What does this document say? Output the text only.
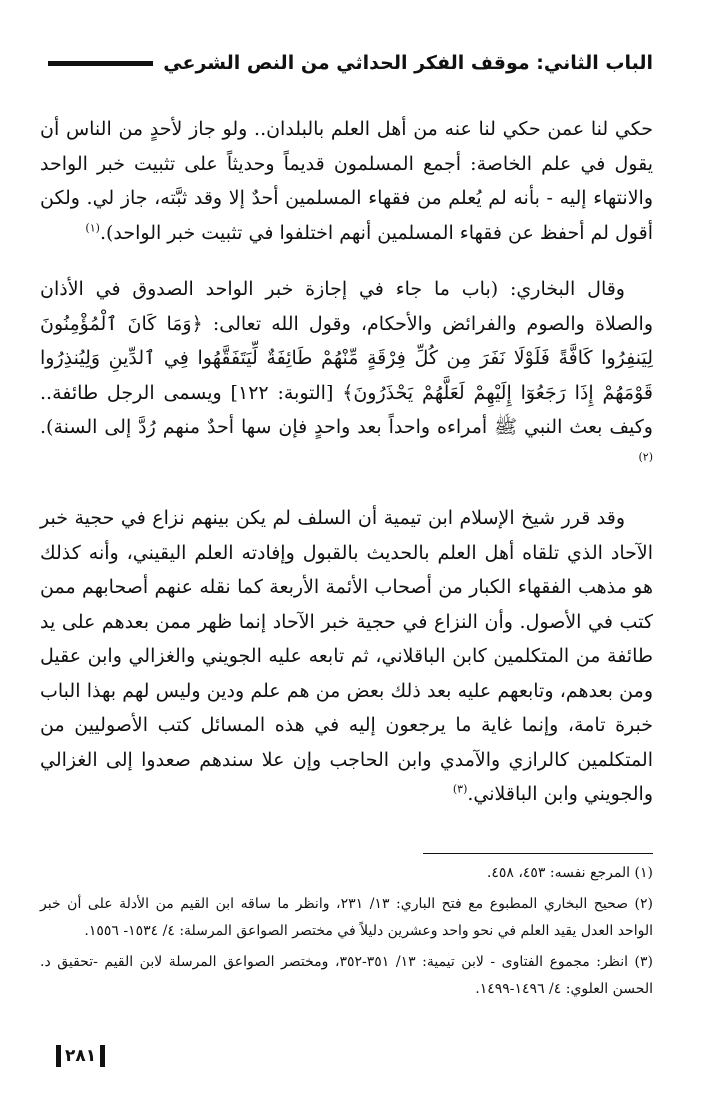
الباب الثاني: موقف الفكر الحداثي من النص الشرعي

حكي لنا عمن حكي لنا عنه من أهل العلم بالبلدان.. ولو جاز لأحدٍ من الناس أن يقول في علم الخاصة: أجمع المسلمون قديماً وحديثاً على تثبيت خبر الواحد والانتهاء إليه - بأنه لم يُعلم من فقهاء المسلمين أحدٌ إلا وقد ثبَّته، جاز لي. ولكن أقول لم أحفظ عن فقهاء المسلمين أنهم اختلفوا في تثبيت خبر الواحد).$^{(١)}$

وقال البخاري: (باب ما جاء في إجازة خبر الواحد الصدوق في الأذان والصلاة والصوم والفرائض والأحكام، وقول الله تعالى: ﴿وَمَا كَانَ ٱلْمُؤْمِنُونَ لِيَنفِرُوا كَافَّةً فَلَوْلَا نَفَرَ مِن كُلِّ فِرْقَةٍ مِّنْهُمْ طَائِفَةٌ لِّيَتَفَقَّهُوا فِي ٱلدِّينِ وَلِيُنذِرُوا قَوْمَهُمْ إِذَا رَجَعُوٓا إِلَيْهِمْ لَعَلَّهُمْ يَحْذَرُونَ﴾ [التوبة: ١٢٢] ويسمى الرجل طائفة.. وكيف بعث النبي ﷺ أمراءه واحداً بعد واحدٍ فإن سها أحدٌ منهم رُدَّ إلى السنة).$^{(٢)}$

وقد قرر شيخ الإسلام ابن تيمية أن السلف لم يكن بينهم نزاع في حجية خبر الآحاد الذي تلقاه أهل العلم بالحديث بالقبول وإفادته العلم اليقيني، وأنه كذلك هو مذهب الفقهاء الكبار من أصحاب الأئمة الأربعة كما نقله عنهم أصحابهم ممن كتب في الأصول. وأن النزاع في حجية خبر الآحاد إنما ظهر ممن بعدهم على يد طائفة من المتكلمين كابن الباقلاني، ثم تابعه عليه الجويني والغزالي وابن عقيل ومن بعدهم، وتابعهم عليه بعد ذلك بعض من هم علم ودين وليس لهم بهذا الباب خبرة تامة، وإنما غاية ما يرجعون إليه في هذه المسائل كتب الأصوليين من المتكلمين كالرازي والآمدي وابن الحاجب وإن علا سندهم صعدوا إلى الغزالي والجويني وابن الباقلاني.$^{(٣)}$

(١) المرجع نفسه: ٤٥٣، ٤٥٨.

(٢) صحيح البخاري المطبوع مع فتح الباري: ١٣/ ٢٣١، وانظر ما ساقه ابن القيم من الأدلة على أن خبر الواحد العدل يقيد العلم في نحو واحد وعشرين دليلاً في مختصر الصواعق المرسلة: ٤/ ١٥٣٤- ١٥٥٦.

(٣) انظر: مجموع الفتاوى - لابن تيمية: ١٣/ ٣٥١-٣٥٢، ومختصر الصواعق المرسلة لابن القيم -تحقيق د. الحسن العلوي: ٤/ ١٤٩٦-١٤٩٩.

٢٨١
